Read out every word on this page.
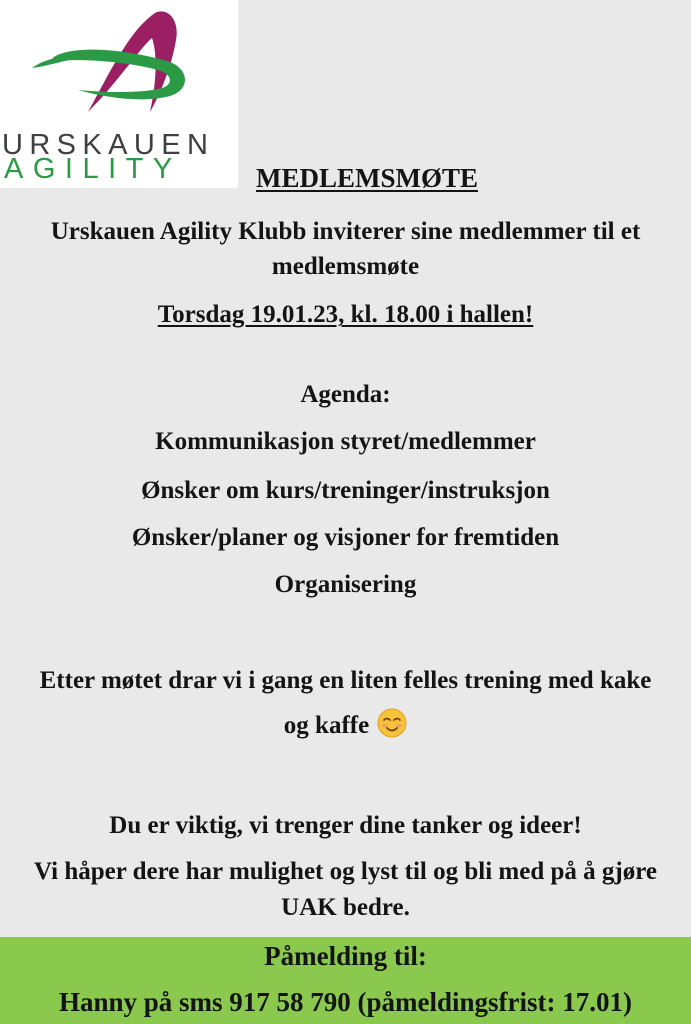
URSKAUEN
AGILITY	MEDLEMSMØTE
Urskauen Agility Klubb inviterer sine medlemmer til et
medlemsmøte
Torsdag 19.01.23, kl. 18.00 i hallen!
Agenda:
Kommunikasjon styret/medlemmer
Ønsker om kurs/treninger/instruksjon
Ønsker/planer og visjoner for fremtiden
Organisering
Etter møtet drar vi i gang en liten felles trening med kake
og kaffe
Du er viktig, vi trenger dine tanker og ideer!
Vi håper dere har mulighet og lyst til og bli med på å gjøre
UAK bedre.
Påmelding til:
Hanny på sms 917 58 790 (påmeldingsfrist: 17.01)
